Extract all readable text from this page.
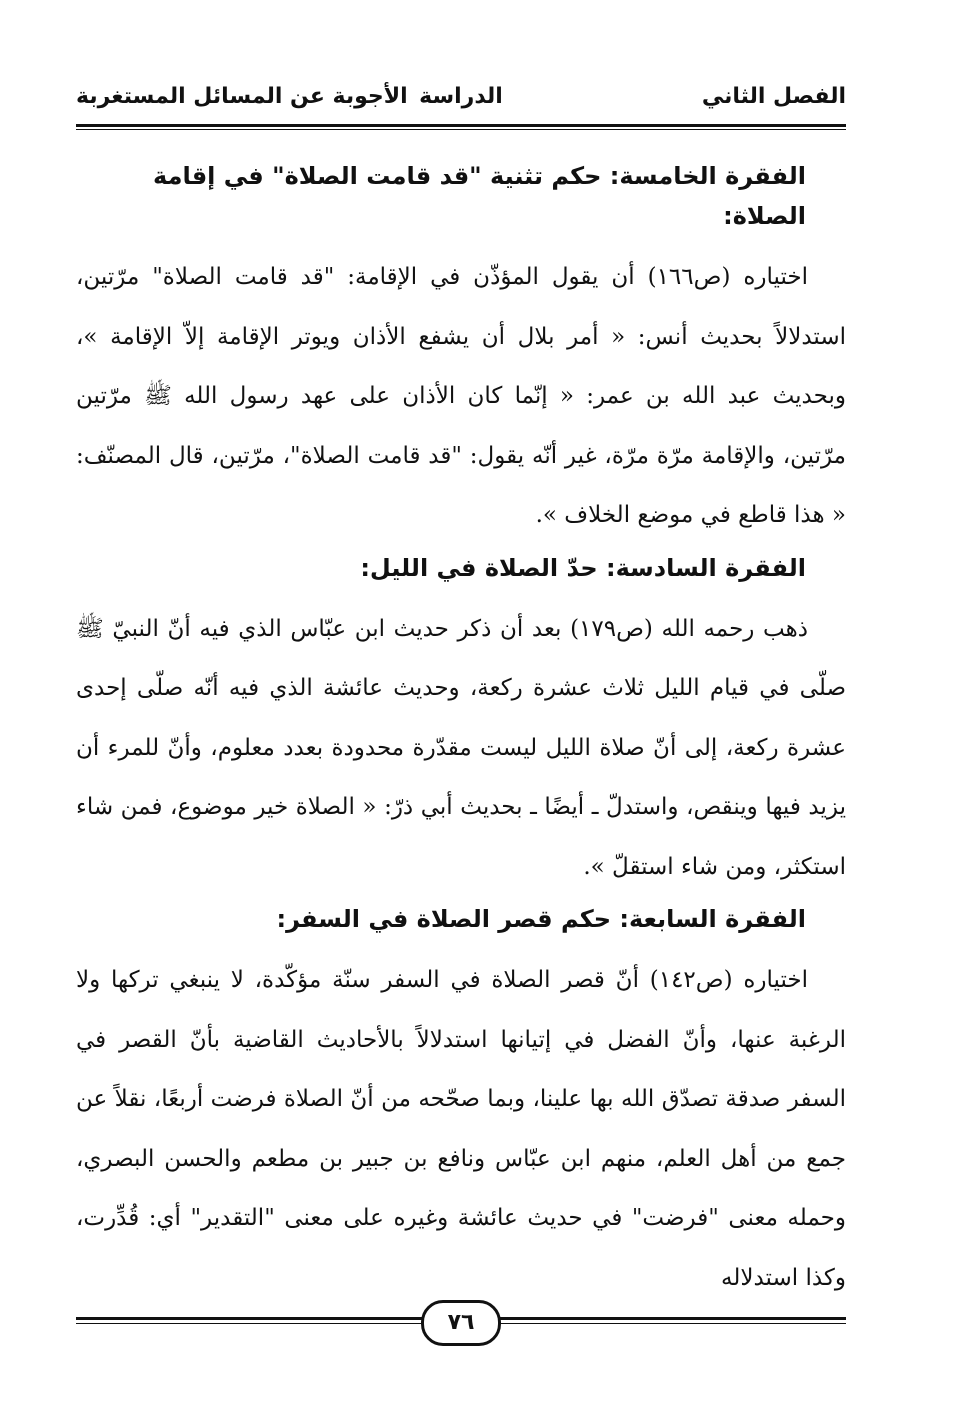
الفصل الثاني
الدراسة
الأجوبة عن المسائل المستغربة
الفقرة الخامسة: حكم تثنية "قد قامت الصلاة" في إقامة الصلاة:

اختياره (ص١٦٦) أن يقول المؤذّن في الإقامة: "قد قامت الصلاة" مرّتين، استدلالاً بحديث أنس: « أمر بلال أن يشفع الأذان ويوتر الإقامة إلاّ الإقامة »، وبحديث عبد الله بن عمر: « إنّما كان الأذان على عهد رسول الله ﷺ مرّتين مرّتين، والإقامة مرّة مرّة، غير أنّه يقول: "قد قامت الصلاة"، مرّتين، قال المصنّف: « هذا قاطع في موضع الخلاف ».

الفقرة السادسة: حدّ الصلاة في الليل:

ذهب رحمه الله (ص١٧٩) بعد أن ذكر حديث ابن عبّاس الذي فيه أنّ النبيّ ﷺ صلّى في قيام الليل ثلاث عشرة ركعة، وحديث عائشة الذي فيه أنّه صلّى إحدى عشرة ركعة، إلى أنّ صلاة الليل ليست مقدّرة محدودة بعدد معلوم، وأنّ للمرء أن يزيد فيها وينقص، واستدلّ ـ أيضًا ـ بحديث أبي ذرّ: « الصلاة خير موضوع، فمن شاء استكثر، ومن شاء استقلّ ».

الفقرة السابعة: حكم قصر الصلاة في السفر:

اختياره (ص١٤٢) أنّ قصر الصلاة في السفر سنّة مؤكّدة، لا ينبغي تركها ولا الرغبة عنها، وأنّ الفضل في إتيانها استدلالاً بالأحاديث القاضية بأنّ القصر في السفر صدقة تصدّق الله بها علينا، وبما صحّحه من أنّ الصلاة فرضت أربعًا، نقلاً عن جمع من أهل العلم، منهم ابن عبّاس ونافع بن جبير بن مطعم والحسن البصري، وحمله معنى "فرضت" في حديث عائشة وغيره على معنى "التقدير" أي: قُدِّرت، وكذا استدلاله

٧٦
